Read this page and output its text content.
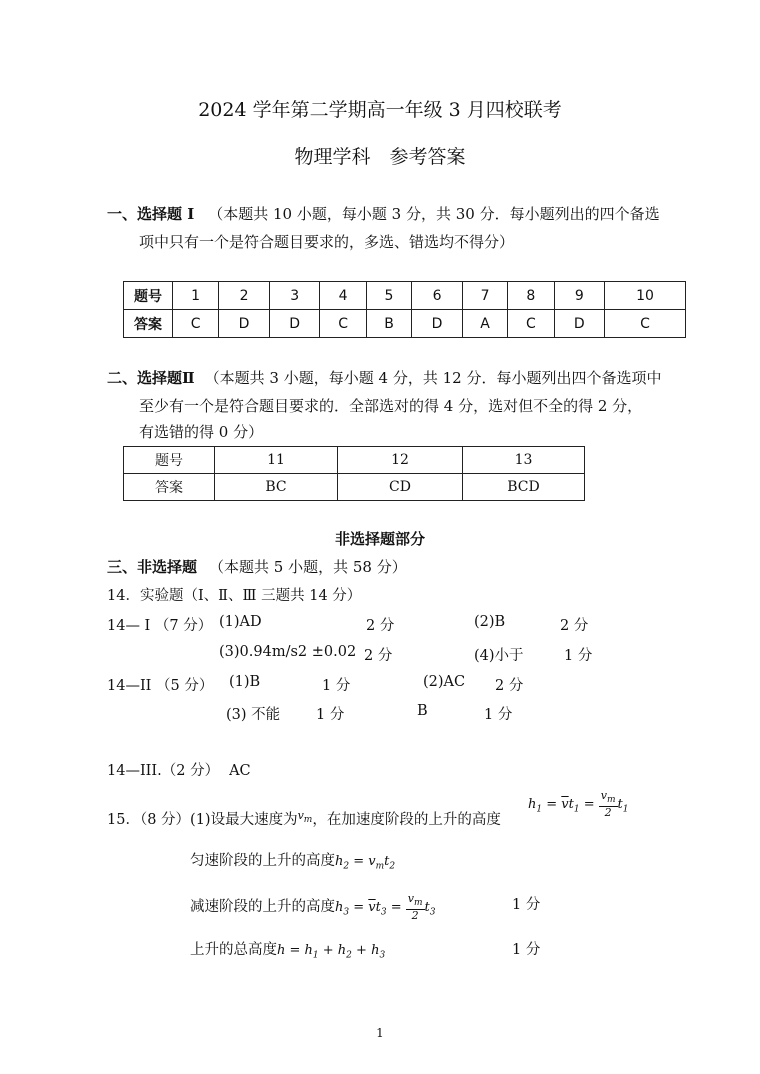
2024 学年第二学期高一年级 3 月四校联考
物理学科　参考答案
一、选择题 Ⅰ （本题共 10 小题，每小题 3 分，共 30 分．每小题列出的四个备选
项中只有一个是符合题目要求的，多选、错选均不得分）
题号	1	2	3	4	5	6	7	8	9	10
答案	C	D	D	C	B	D	A	C	D	C
二、选择题Ⅱ （本题共 3 小题，每小题 4 分，共 12 分．每小题列出四个备选项中
至少有一个是符合题目要求的．全部选对的得 4 分，选对但不全的得 2 分，
有选错的得 0 分）
题号	11	12	13
答案	BC	CD	BCD
非选择题部分
三、非选择题 （本题共 5 小题，共 58 分）
14．实验题（Ⅰ、Ⅱ、Ⅲ 三题共 14 分）
14— Ⅰ （7 分） (1)AD	2 分	(2)B	2 分
(3)0.94m/s2 ±0.02 2 分	(4)小于	1 分
14—II （5 分） (1)B	1 分	(2)AC 2 分
(3) 不能 1 分	B	1 分
14—III.（2 分） AC
15．（8 分）(1)设最大速度为$^{v_m}$，在加速度阶段的上升的高度
$h_1 = \overline{v}t_1 = \frac{v_m}{2} t_1$
匀速阶段的上升的高度$h_2 = v_mt_2$
减速阶段的上升的高度$h_3 = \overline{v}t_3 = \frac{v_m}{2} t_3$	1 分
上升的总高度$h = h_1 + h_2 + h_3$	1 分
1
